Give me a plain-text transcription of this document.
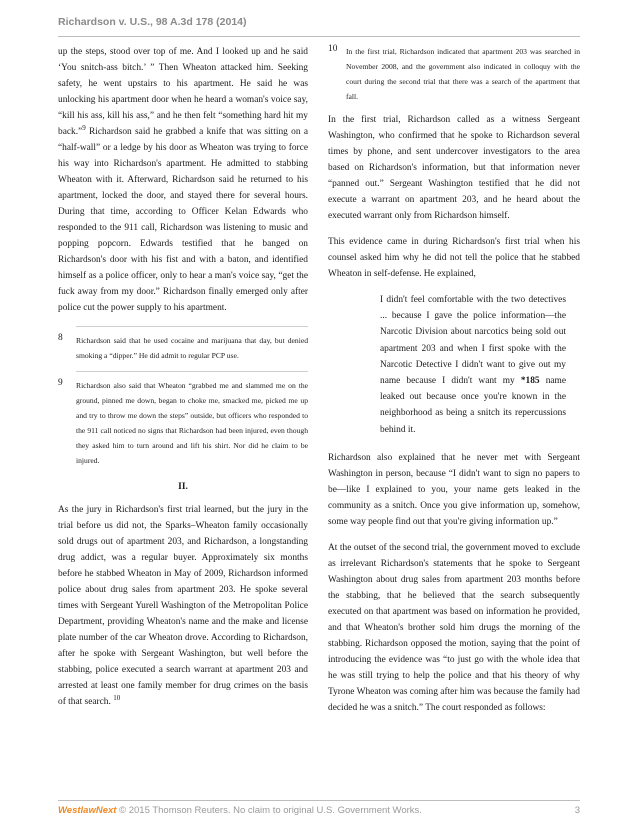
Richardson v. U.S., 98 A.3d 178 (2014)

up the steps, stood over top of me. And I looked up and he said ‘You snitch-ass bitch.’ ” Then Wheaton attacked him. Seeking safety, he went upstairs to his apartment. He said he was unlocking his apartment door when he heard a woman's voice say, “kill his ass, kill his ass,” and he then felt “something hard hit my back.”$^9$ Richardson said he grabbed a knife that was sitting on a “half-wall” or a ledge by his door as Wheaton was trying to force his way into Richardson's apartment. He admitted to stabbing Wheaton with it. Afterward, Richardson said he returned to his apartment, locked the door, and stayed there for several hours. During that time, according to Officer Kelan Edwards who responded to the 911 call, Richardson was listening to music and popping popcorn. Edwards testified that he banged on Richardson's door with his fist and with a baton, and identified himself as a police officer, only to hear a man's voice say, “get the fuck away from my door.” Richardson finally emerged only after police cut the power supply to his apartment.

8 Richardson said that he used cocaine and marijuana that day, but denied smoking a “dipper.” He did admit to regular PCP use.
9 Richardson also said that Wheaton “grabbed me and slammed me on the ground, pinned me down, began to choke me, smacked me, picked me up and try to throw me down the steps” outside, but officers who responded to the 911 call noticed no signs that Richardson had been injured, even though they asked him to turn around and lift his shirt. Nor did he claim to be injured.
II.

As the jury in Richardson's first trial learned, but the jury in the trial before us did not, the Sparks–Wheaton family occasionally sold drugs out of apartment 203, and Richardson, a longstanding drug addict, was a regular buyer. Approximately six months before he stabbed Wheaton in May of 2009, Richardson informed police about drug sales from apartment 203. He spoke several times with Sergeant Yurell Washington of the Metropolitan Police Department, providing Wheaton's name and the make and license plate number of the car Wheaton drove. According to Richardson, after he spoke with Sergeant Washington, but well before the stabbing, police executed a search warrant at apartment 203 and arrested at least one family member for drug crimes on the basis of that search. $^{10}$

10 In the first trial, Richardson indicated that apartment 203 was searched in November 2008, and the government also indicated in colloquy with the court during the second trial that there was a search of the apartment that fall.

In the first trial, Richardson called as a witness Sergeant Washington, who confirmed that he spoke to Richardson several times by phone, and sent undercover investigators to the area based on Richardson's information, but that information never “panned out.” Sergeant Washington testified that he did not execute a warrant on apartment 203, and he heard about the executed warrant only from Richardson himself.

This evidence came in during Richardson's first trial when his counsel asked him why he did not tell the police that he stabbed Wheaton in self-defense. He explained,

I didn't feel comfortable with the two detectives ... because I gave the police information—the Narcotic Division about narcotics being sold out apartment 203 and when I first spoke with the Narcotic Detective I didn't want to give out my name because I didn't want my *185 name leaked out because once you're known in the neighborhood as being a snitch its repercussions behind it.

Richardson also explained that he never met with Sergeant Washington in person, because “I didn't want to sign no papers to be—like I explained to you, your name gets leaked in the community as a snitch. Once you give information up, somehow, some way people find out that you're giving information up.”

At the outset of the second trial, the government moved to exclude as irrelevant Richardson's statements that he spoke to Sergeant Washington about drug sales from apartment 203 months before the stabbing, that he believed that the search subsequently executed on that apartment was based on information he provided, and that Wheaton's brother sold him drugs the morning of the stabbing. Richardson opposed the motion, saying that the point of introducing the evidence was “to just go with the whole idea that he was still trying to help the police and that his theory of why Tyrone Wheaton was coming after him was because the family had decided he was a snitch.” The court responded as follows:

WestlawNext © 2015 Thomson Reuters. No claim to original U.S. Government Works.	3
